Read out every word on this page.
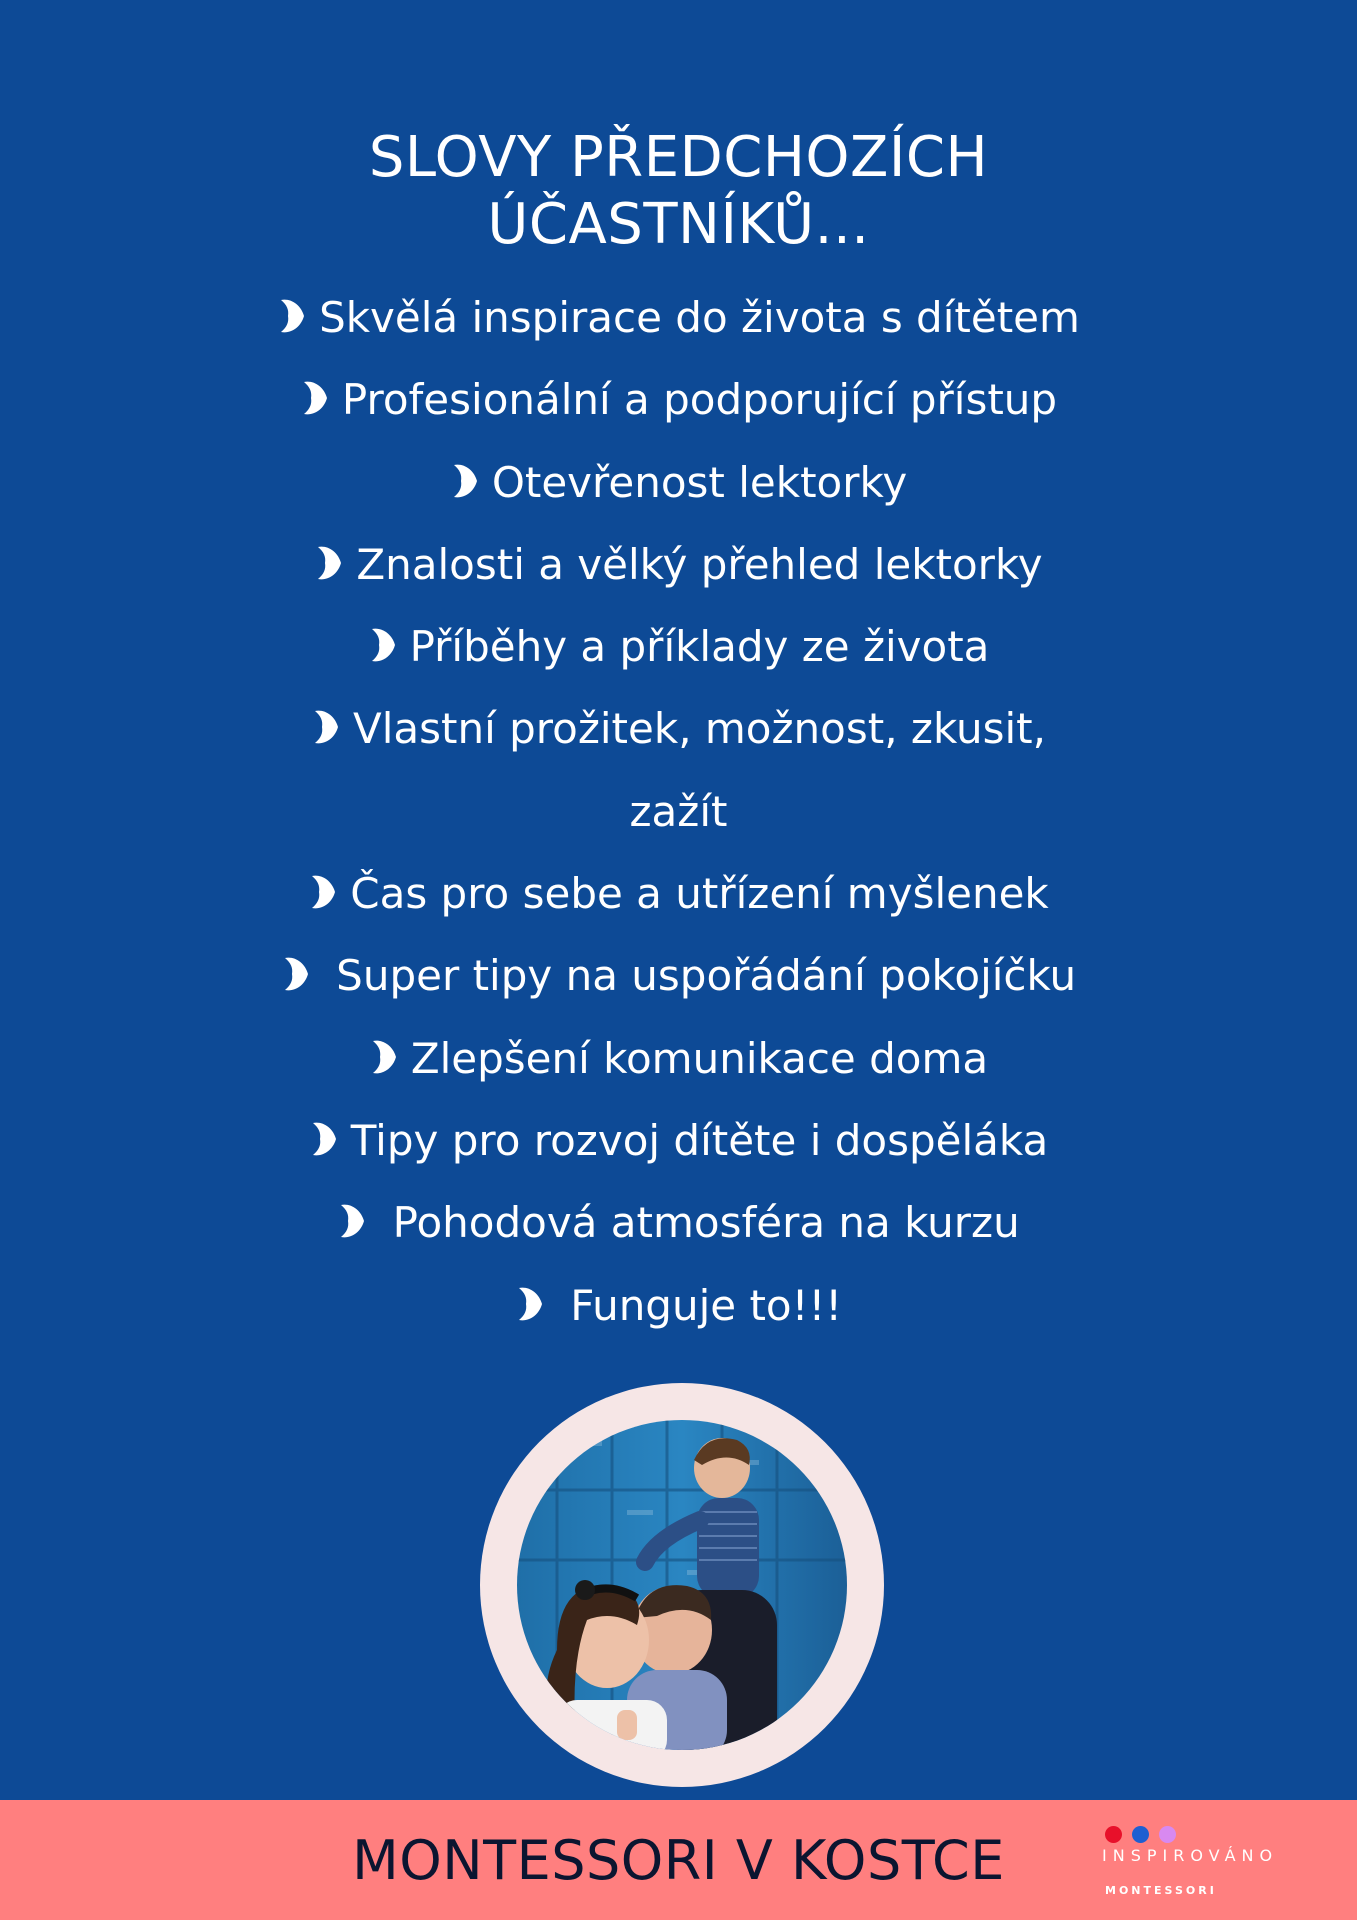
SLOVY PŘEDCHOZÍCH
ÚČASTNÍKŮ...
Skvělá inspirace do života s dítětem
Profesionální a podporující přístup
Otevřenost lektorky
Znalosti a vělký přehled lektorky
Příběhy a příklady ze života
Vlastní prožitek, možnost, zkusit, zažít
Čas pro sebe a utřízení myšlenek
Super tipy na uspořádání pokojíčku
Zlepšení komunikace doma
Tipy pro rozvoj dítěte i dospěláka
Pohodová atmosféra na kurzu
Funguje to!!!
MONTESSORI V KOSTCE	INSPIROVÁNO
MONTESSORI
